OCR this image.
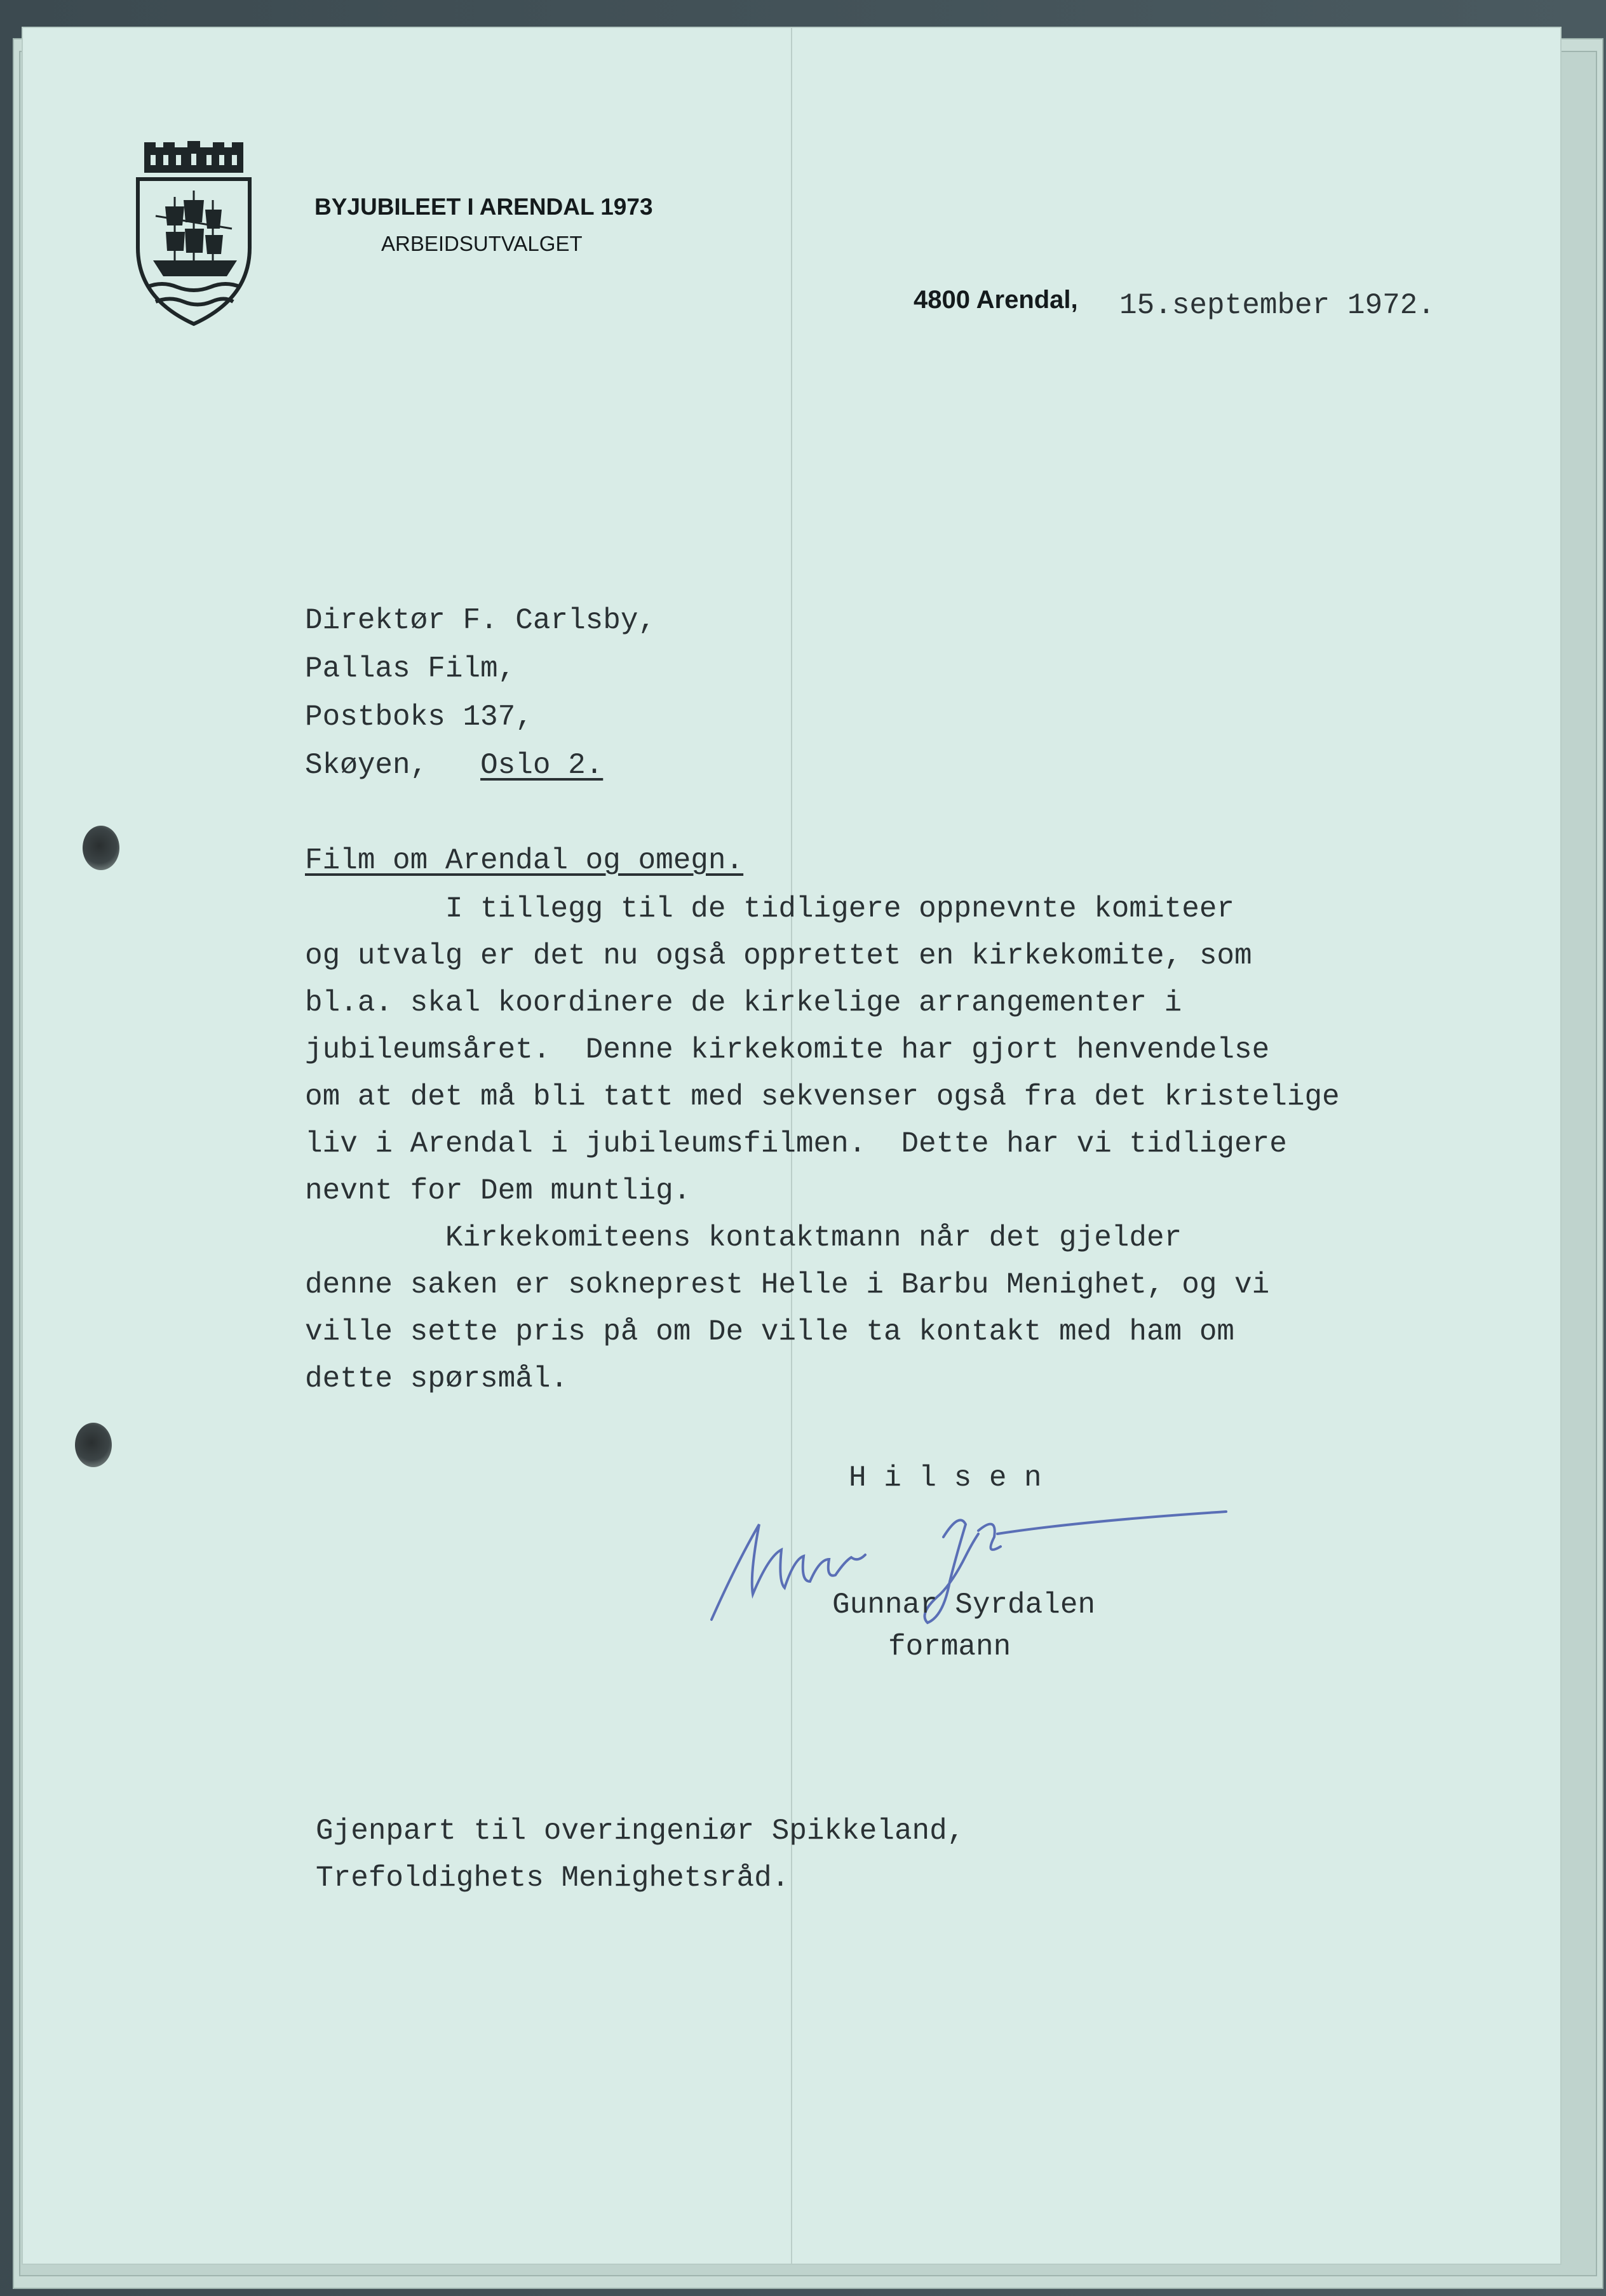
BYJUBILEET I ARENDAL 1973
ARBEIDSUTVALGET
4800 Arendal, 15.september 1972.
Direktør F. Carlsby,
Pallas Film,
Postboks 137,
Skøyen, Oslo 2.
Film om Arendal og omegn.
I tillegg til de tidligere oppnevnte komiteer
og utvalg er det nu også opprettet en kirkekomite, som
bl.a. skal koordinere de kirkelige arrangementer i
jubileumsåret.  Denne kirkekomite har gjort henvendelse
om at det må bli tatt med sekvenser også fra det kristelige
liv i Arendal i jubileumsfilmen.  Dette har vi tidligere
nevnt for Dem muntlig.
Kirkekomiteens kontaktmann når det gjelder
denne saken er sokneprest Helle i Barbu Menighet, og vi
ville sette pris på om De ville ta kontakt med ham om
dette spørsmål.
H i l s e n
Gunnar Syrdalen
formann
Gjenpart til overingeniør Spikkeland,
Trefoldighets Menighetsråd.
